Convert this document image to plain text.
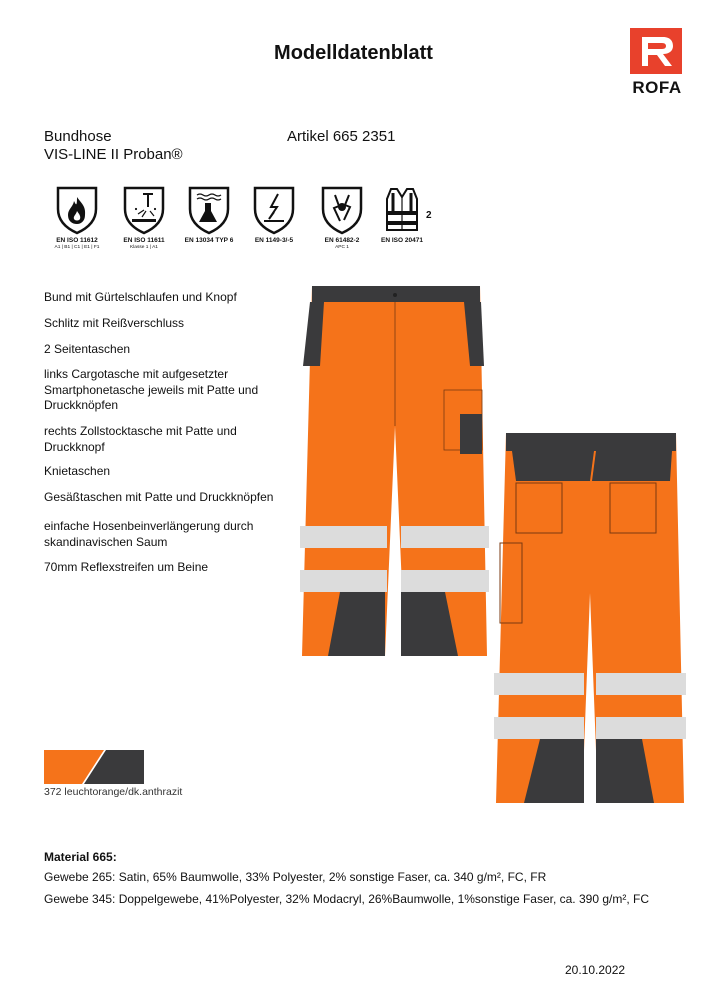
Modelldatenblatt
ROFA
Bundhose
VIS-LINE II Proban®
Artikel 665 2351
EN ISO 11612
A1 | B1 | C1 | E1 | F1
EN ISO 11611
Klasse 1 | A1
EN 13034 TYP 6	EN 1149-3/-5	EN 61482-2
APC 1
EN ISO 20471
2
Bund mit Gürtelschlaufen und Knopf
Schlitz mit Reißverschluss
2 Seitentaschen
links Cargotasche mit aufgesetzter Smartphonetasche jeweils mit Patte und Druckknöpfen
rechts Zollstocktasche mit Patte und Druckknopf
Knietaschen
Gesäßtaschen mit Patte und Druckknöpfen
einfache Hosenbeinverlängerung durch skandinavischen Saum
70mm Reflexstreifen um Beine
372 leuchtorange/dk.anthrazit
Material 665:
Gewebe 265: Satin, 65% Baumwolle, 33% Polyester, 2% sonstige Faser, ca. 340 g/m², FC, FR
Gewebe 345: Doppelgewebe, 41%Polyester, 32% Modacryl, 26%Baumwolle, 1%sonstige Faser, ca. 390 g/m², FC
20.10.2022
